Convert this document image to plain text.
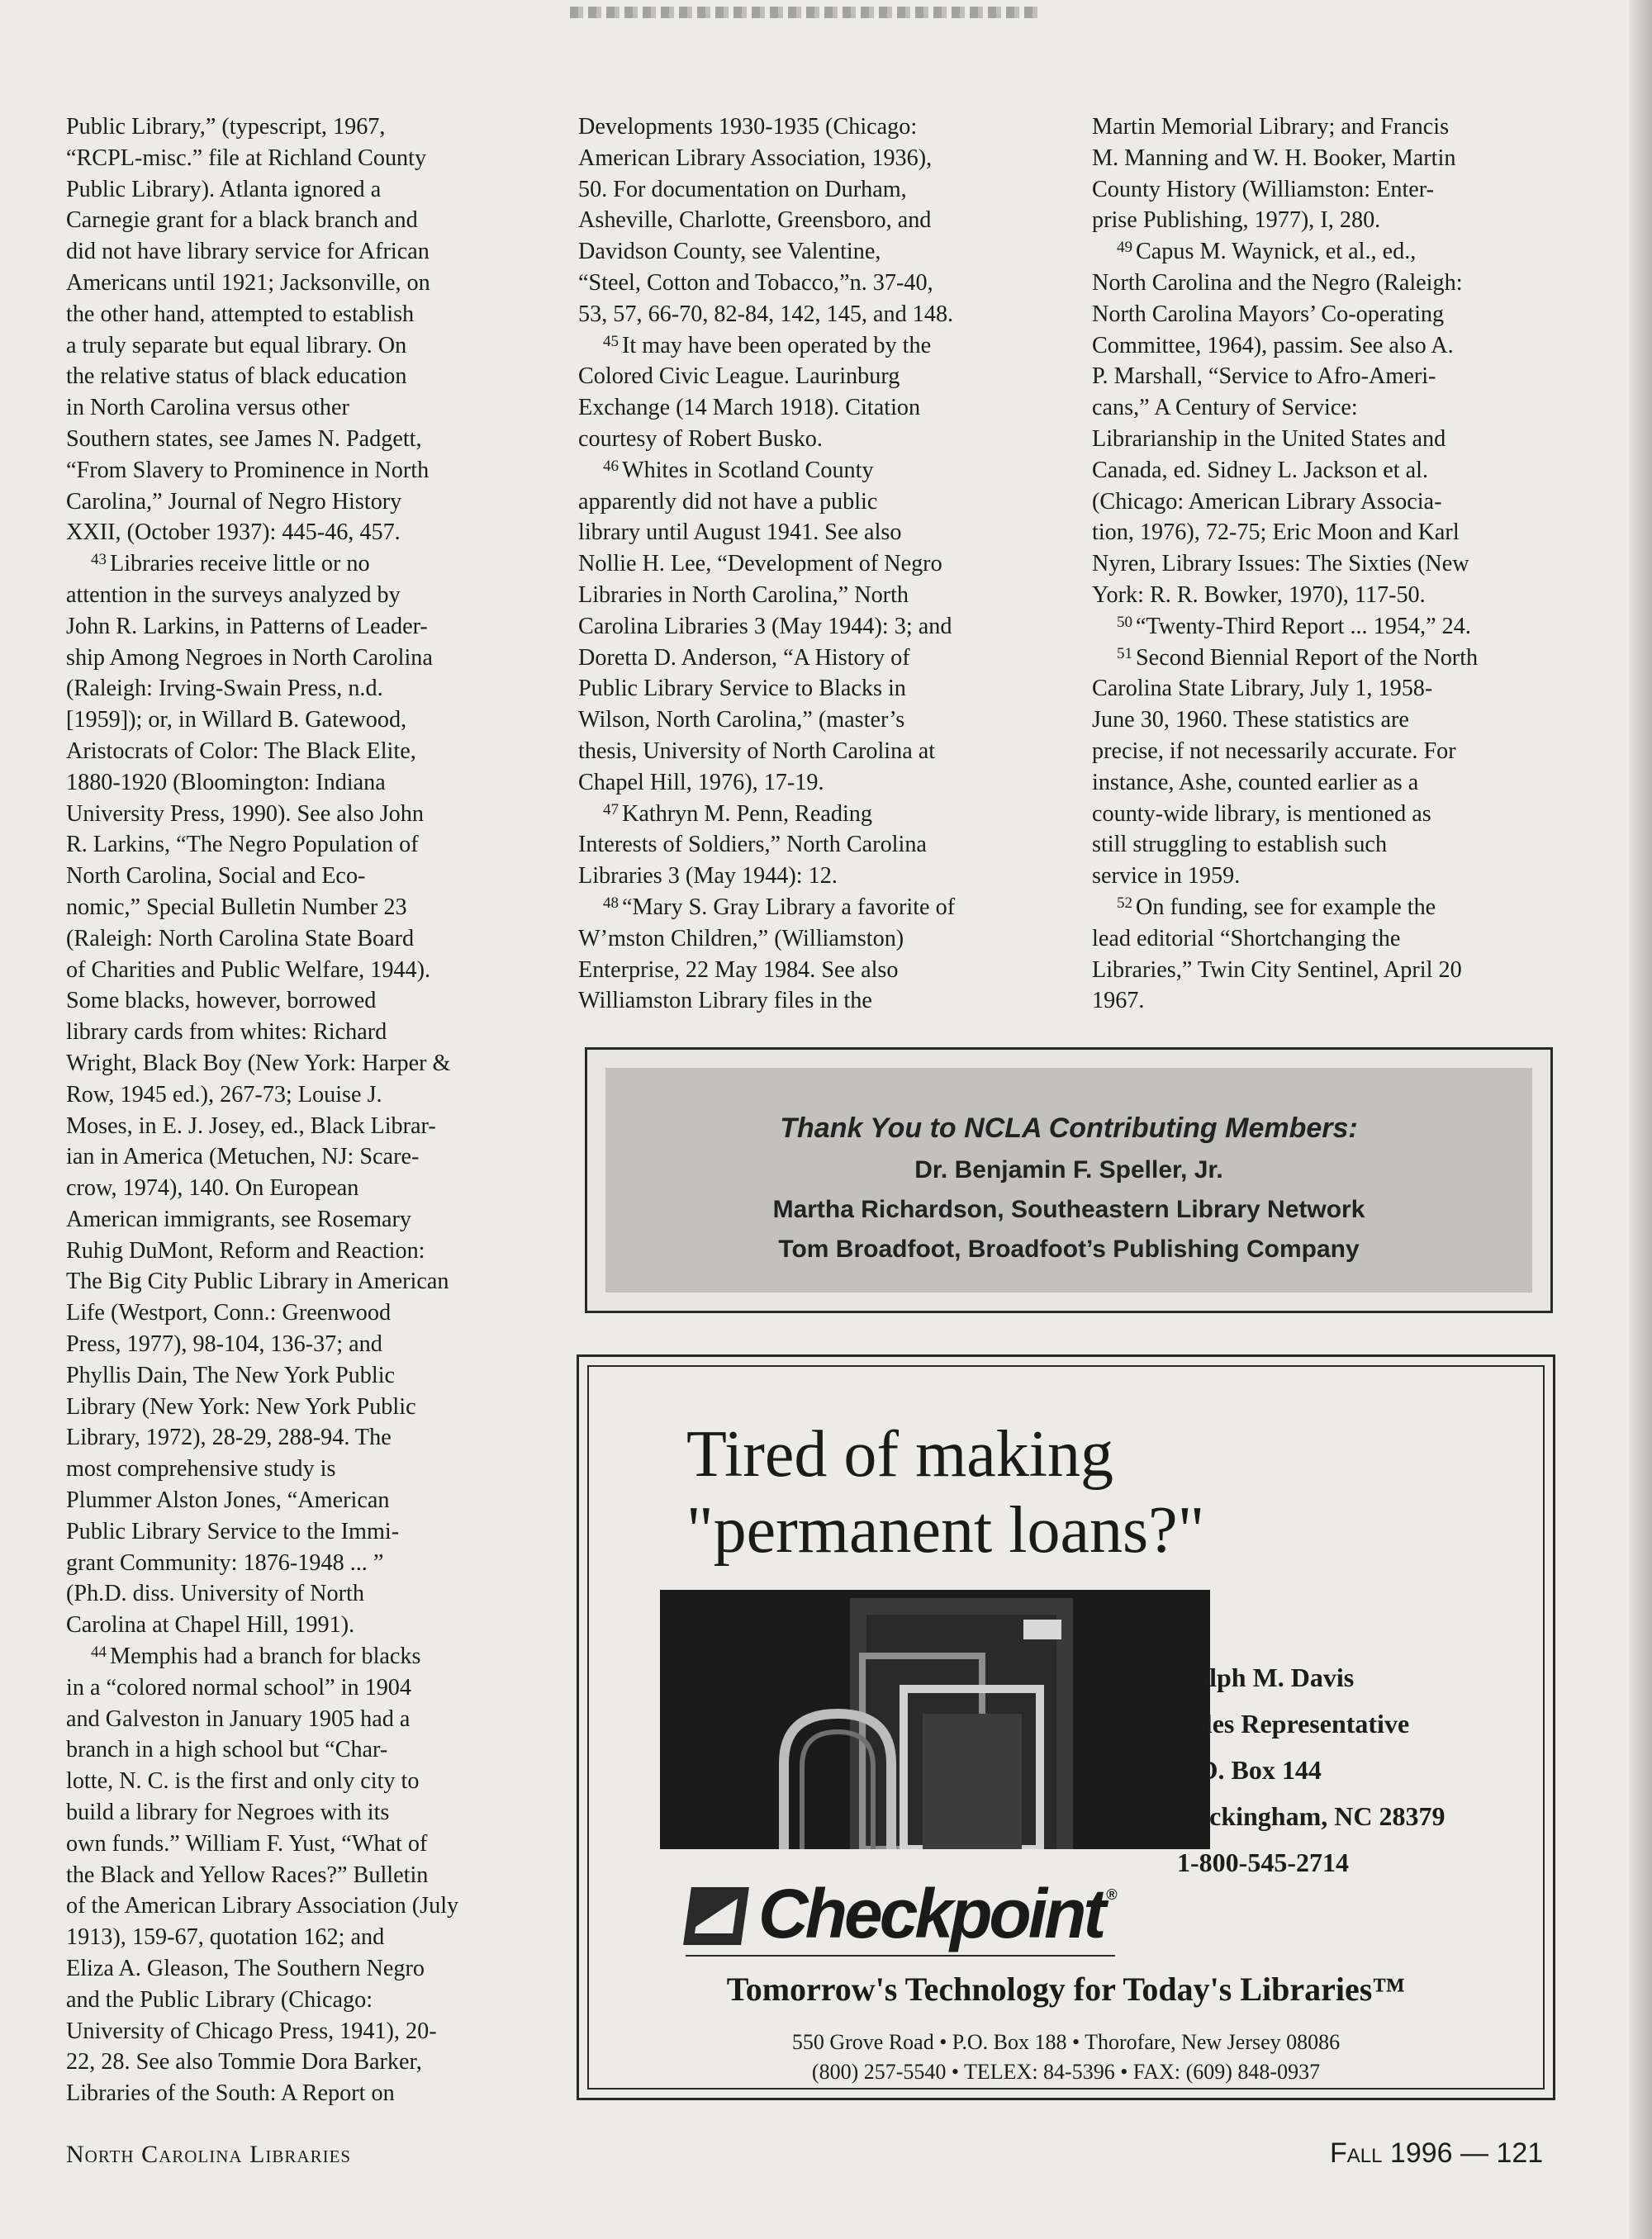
Public Library,” (typescript, 1967,
“RCPL-misc.” file at Richland County
Public Library). Atlanta ignored a
Carnegie grant for a black branch and
did not have library service for African
Americans until 1921; Jacksonville, on
the other hand, attempted to establish
a truly separate but equal library. On
the relative status of black education
in North Carolina versus other
Southern states, see James N. Padgett,
“From Slavery to Prominence in North
Carolina,” Journal of Negro History
XXII, (October 1937): 445-46, 457.
$^{43}$ Libraries receive little or no
attention in the surveys analyzed by
John R. Larkins, in Patterns of Leader-
ship Among Negroes in North Carolina
(Raleigh: Irving-Swain Press, n.d.
[1959]); or, in Willard B. Gatewood,
Aristocrats of Color: The Black Elite,
1880-1920 (Bloomington: Indiana
University Press, 1990). See also John
R. Larkins, “The Negro Population of
North Carolina, Social and Eco-
nomic,” Special Bulletin Number 23
(Raleigh: North Carolina State Board
of Charities and Public Welfare, 1944).
Some blacks, however, borrowed
library cards from whites: Richard
Wright, Black Boy (New York: Harper &
Row, 1945 ed.), 267-73; Louise J.
Moses, in E. J. Josey, ed., Black Librar-
ian in America (Metuchen, NJ: Scare-
crow, 1974), 140. On European
American immigrants, see Rosemary
Ruhig DuMont, Reform and Reaction:
The Big City Public Library in American
Life (Westport, Conn.: Greenwood
Press, 1977), 98-104, 136-37; and
Phyllis Dain, The New York Public
Library (New York: New York Public
Library, 1972), 28-29, 288-94. The
most comprehensive study is
Plummer Alston Jones, “American
Public Library Service to the Immi-
grant Community: 1876-1948 ... ”
(Ph.D. diss. University of North
Carolina at Chapel Hill, 1991).
$^{44}$ Memphis had a branch for blacks
in a “colored normal school” in 1904
and Galveston in January 1905 had a
branch in a high school but “Char-
lotte, N. C. is the first and only city to
build a library for Negroes with its
own funds.” William F. Yust, “What of
the Black and Yellow Races?” Bulletin
of the American Library Association (July
1913), 159-67, quotation 162; and
Eliza A. Gleason, The Southern Negro
and the Public Library (Chicago:
University of Chicago Press, 1941), 20-
22, 28. See also Tommie Dora Barker,
Libraries of the South: A Report on
Developments 1930-1935 (Chicago:
American Library Association, 1936),
50. For documentation on Durham,
Asheville, Charlotte, Greensboro, and
Davidson County, see Valentine,
“Steel, Cotton and Tobacco,”n. 37-40,
53, 57, 66-70, 82-84, 142, 145, and 148.
$^{45}$ It may have been operated by the
Colored Civic League. Laurinburg
Exchange (14 March 1918). Citation
courtesy of Robert Busko.
$^{46}$ Whites in Scotland County
apparently did not have a public
library until August 1941. See also
Nollie H. Lee, “Development of Negro
Libraries in North Carolina,” North
Carolina Libraries 3 (May 1944): 3; and
Doretta D. Anderson, “A History of
Public Library Service to Blacks in
Wilson, North Carolina,” (master’s
thesis, University of North Carolina at
Chapel Hill, 1976), 17-19.
$^{47}$ Kathryn M. Penn, Reading
Interests of Soldiers,” North Carolina
Libraries 3 (May 1944): 12.
$^{48}$ “Mary S. Gray Library a favorite of
W’mston Children,” (Williamston)
Enterprise, 22 May 1984. See also
Williamston Library files in the
Martin Memorial Library; and Francis
M. Manning and W. H. Booker, Martin
County History (Williamston: Enter-
prise Publishing, 1977), I, 280.
$^{49}$ Capus M. Waynick, et al., ed.,
North Carolina and the Negro (Raleigh:
North Carolina Mayors’ Co-operating
Committee, 1964), passim. See also A.
P. Marshall, “Service to Afro-Ameri-
cans,” A Century of Service:
Librarianship in the United States and
Canada, ed. Sidney L. Jackson et al.
(Chicago: American Library Associa-
tion, 1976), 72-75; Eric Moon and Karl
Nyren, Library Issues: The Sixties (New
York: R. R. Bowker, 1970), 117-50.
$^{50}$ “Twenty-Third Report ... 1954,” 24.
$^{51}$ Second Biennial Report of the North
Carolina State Library, July 1, 1958-
June 30, 1960. These statistics are
precise, if not necessarily accurate. For
instance, Ashe, counted earlier as a
county-wide library, is mentioned as
still struggling to establish such
service in 1959.
$^{52}$ On funding, see for example the
lead editorial “Shortchanging the
Libraries,” Twin City Sentinel, April 20
1967.
Thank You to NCLA Contributing Members:
Dr. Benjamin F. Speller, Jr.
Martha Richardson, Southeastern Library Network
Tom Broadfoot, Broadfoot’s Publishing Company
Tired of making
"permanent loans?"
Ralph M. Davis
Sales Representative
P.O. Box 144
Rockingham, NC 28379
1-800-545-2714
Checkpoint ®
Tomorrow's Technology for Today's Libraries™
550 Grove Road • P.O. Box 188 • Thorofare, New Jersey 08086
(800) 257-5540 • TELEX: 84-5396 • FAX: (609) 848-0937
North Carolina Libraries	Fall 1996 — 121
